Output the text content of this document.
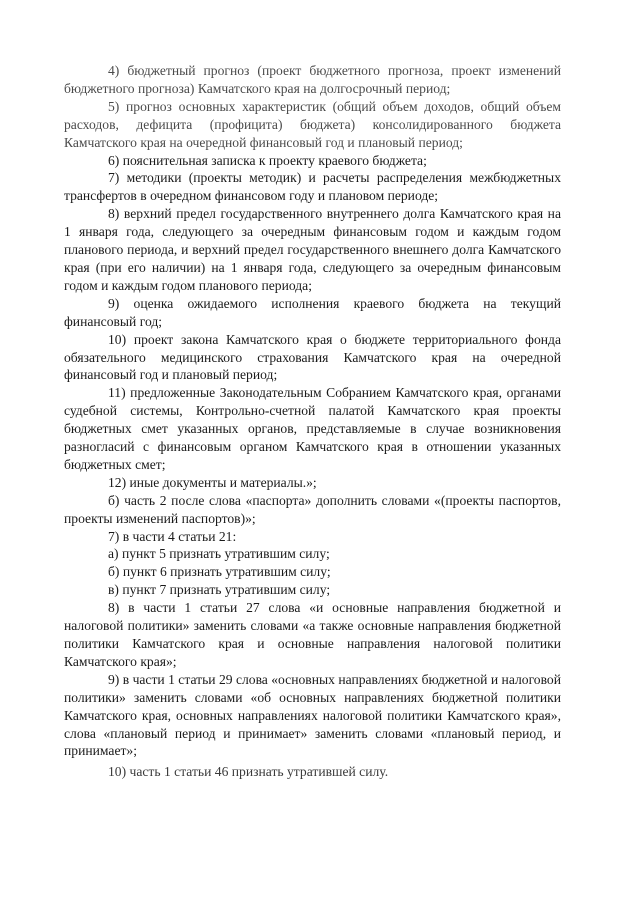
4) бюджетный прогноз (проект бюджетного прогноза, проект изменений бюджетного прогноза) Камчатского края на долгосрочный период;

5) прогноз основных характеристик (общий объем доходов, общий объем расходов, дефицита (профицита) бюджета) консолидированного бюджета Камчатского края на очередной финансовый год и плановый период;

6) пояснительная записка к проекту краевого бюджета;

7) методики (проекты методик) и расчеты распределения межбюджетных трансфертов в очередном финансовом году и плановом периоде;

8) верхний предел государственного внутреннего долга Камчатского края на 1 января года, следующего за очередным финансовым годом и каждым годом планового периода, и верхний предел государственного внешнего долга Камчатского края (при его наличии) на 1 января года, следующего за очередным финансовым годом и каждым годом планового периода;

9) оценка ожидаемого исполнения краевого бюджета на текущий финансовый год;

10) проект закона Камчатского края о бюджете территориального фонда обязательного медицинского страхования Камчатского края на очередной финансовый год и плановый период;

11) предложенные Законодательным Собранием Камчатского края, органами судебной системы, Контрольно-счетной палатой Камчатского края проекты бюджетных смет указанных органов, представляемые в случае возникновения разногласий с финансовым органом Камчатского края в отношении указанных бюджетных смет;

12) иные документы и материалы.»;

б) часть 2 после слова «паспорта» дополнить словами «(проекты паспортов, проекты изменений паспортов)»;

7) в части 4 статьи 21:

а) пункт 5 признать утратившим силу;

б) пункт 6 признать утратившим силу;

в) пункт 7 признать утратившим силу;

8) в части 1 статьи 27 слова «и основные направления бюджетной и налоговой политики» заменить словами «а также основные направления бюджетной политики Камчатского края и основные направления налоговой политики Камчатского края»;

9) в части 1 статьи 29 слова «основных направлениях бюджетной и налоговой политики» заменить словами «об основных направлениях бюджетной политики Камчатского края, основных направлениях налоговой политики Камчатского края», слова «плановый период и принимает» заменить словами «плановый период, и принимает»;

10) часть 1 статьи 46 признать утратившей силу.
